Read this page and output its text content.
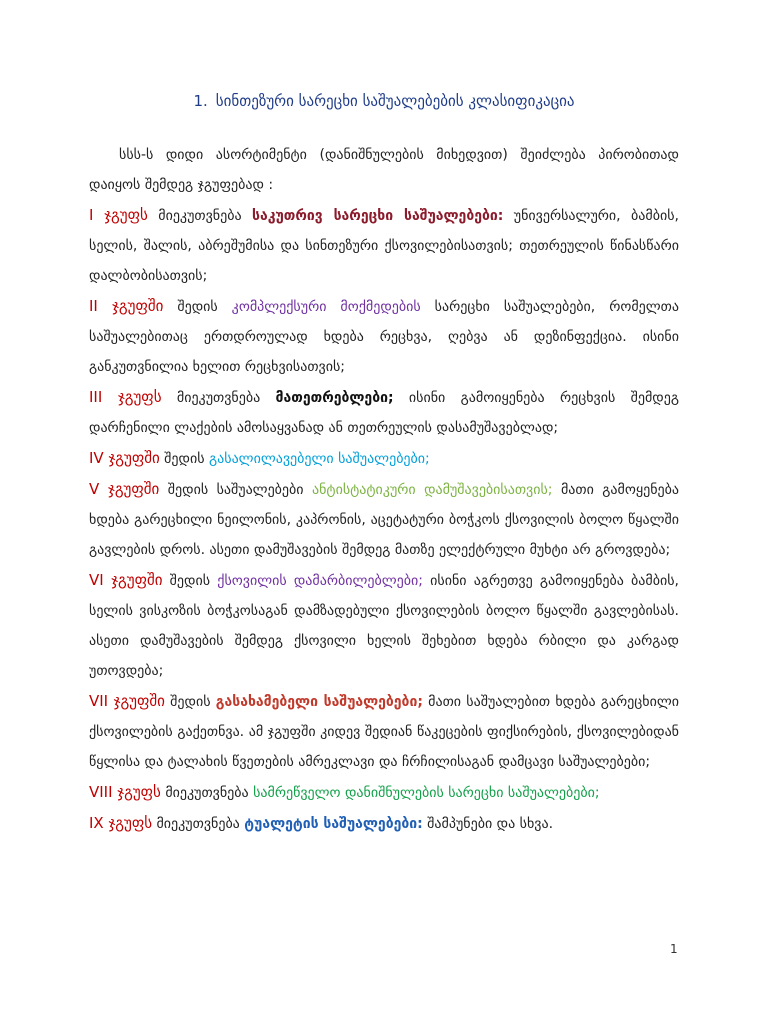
1. სინთეზური სარეცხი საშუალებების კლასიფიკაცია

სსს-ს დიდი ასორტიმენტი (დანიშნულების მიხედვით) შეიძლება პირობითად დაიყოს შემდეგ ჯგუფებად :

I ჯგუფს მიეკუთვნება საკუთრივ სარეცხი საშუალებები: უნივერსალური, ბამბის, სელის, შალის, აბრეშუმისა და სინთეზური ქსოვილებისათვის; თეთრეულის წინასწარი დალბობისათვის;

II ჯგუფში შედის კომპლექსური მოქმედების სარეცხი საშუალებები, რომელთა საშუალებითაც ერთდროულად ხდება რეცხვა, ღებვა ან დეზინფექცია. ისინი განკუთვნილია ხელით რეცხვისათვის;

III ჯგუფს მიეკუთვნება მათეთრებლები; ისინი გამოიყენება რეცხვის შემდეგ დარჩენილი ლაქების ამოსაყვანად ან თეთრეულის დასამუშავებლად;

IV ჯგუფში შედის გასალილავებელი საშუალებები;

V ჯგუფში შედის საშუალებები ანტისტატიკური დამუშავებისათვის; მათი გამოყენება ხდება გარეცხილი ნეილონის, კაპრონის, აცეტატური ბოჭკოს ქსოვილის ბოლო წყალში გავლების დროს. ასეთი დამუშავების შემდეგ მათზე ელექტრული მუხტი არ გროვდება;

VI ჯგუფში შედის ქსოვილის დამარბილებლები; ისინი აგრეთვე გამოიყენება ბამბის, სელის ვისკოზის ბოჭკოსაგან დამზადებული ქსოვილების ბოლო წყალში გავლებისას. ასეთი დამუშავების შემდეგ ქსოვილი ხელის შეხებით ხდება რბილი და კარგად უთოვდება;

VII ჯგუფში შედის გასახამებელი საშუალებები; მათი საშუალებით ხდება გარეცხილი ქსოვილების გაქეთნვა. ამ ჯგუფში კიდევ შედიან წაკეცების ფიქსირების, ქსოვილებიდან წყლისა და ტალახის წვეთების ამრეკლავი და ჩრჩილისაგან დამცავი საშუალებები;

VIII ჯგუფს მიეკუთვნება სამრეწველო დანიშნულების სარეცხი საშუალებები;

IX ჯგუფს მიეკუთვნება ტუალეტის საშუალებები: შამპუნები და სხვა.

1
